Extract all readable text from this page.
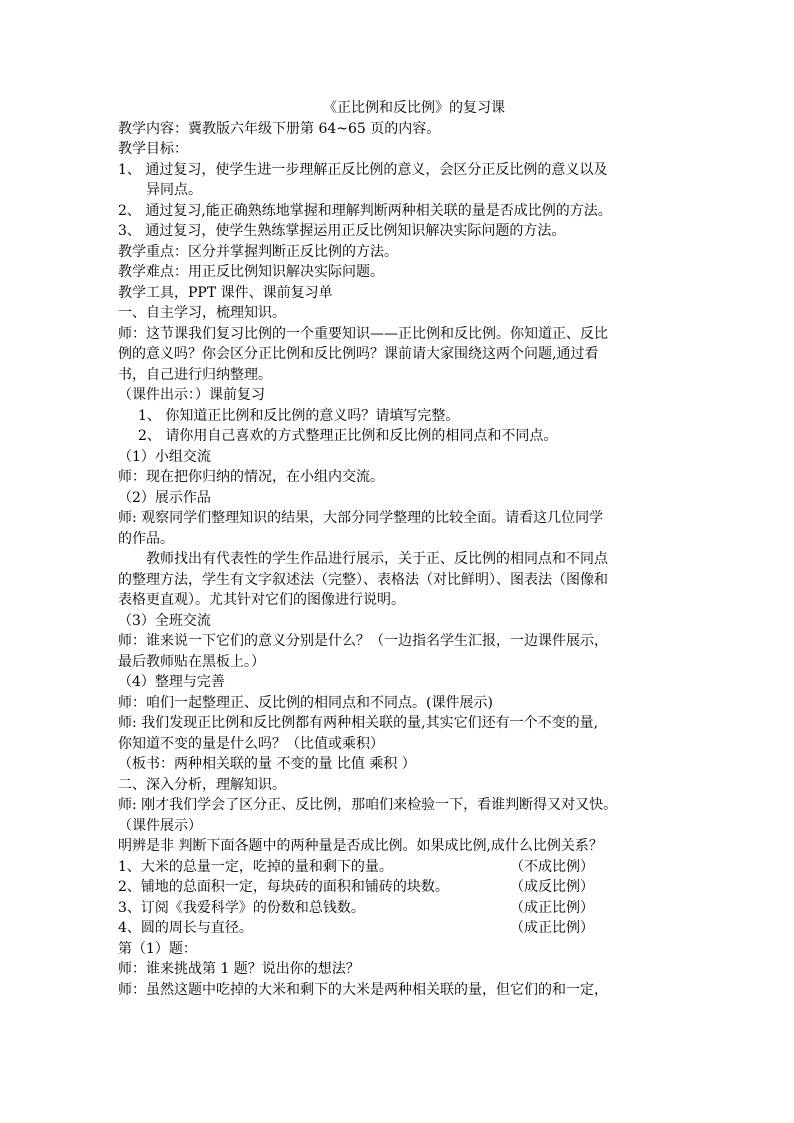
《正比例和反比例》的复习课
教学内容：冀教版六年级下册第 64~65 页的内容。
教学目标：
1、 通过复习，使学生进一步理解正反比例的意义，会区分正反比例的意义以及
异同点。
2、 通过复习,能正确熟练地掌握和理解判断两种相关联的量是否成比例的方法。
3、 通过复习，使学生熟练掌握运用正反比例知识解决实际问题的方法。
教学重点：区分并掌握判断正反比例的方法。
教学难点：用正反比例知识解决实际问题。
教学工具，PPT 课件、课前复习单
一、自主学习，梳理知识。
师：这节课我们复习比例的一个重要知识——正比例和反比例。你知道正、反比
例的意义吗？你会区分正比例和反比例吗？课前请大家围绕这两个问题,通过看
书，自己进行归纳整理。
（课件出示：）课前复习
1、 你知道正比例和反比例的意义吗？请填写完整。
2、 请你用自己喜欢的方式整理正比例和反比例的相同点和不同点。
（1）小组交流
师：现在把你归纳的情况，在小组内交流。
（2）展示作品
师: 观察同学们整理知识的结果，大部分同学整理的比较全面。请看这几位同学
的作品。
教师找出有代表性的学生作品进行展示，关于正、反比例的相同点和不同点
的整理方法，学生有文字叙述法（完整）、表格法（对比鲜明）、图表法（图像和
表格更直观）。尤其针对它们的图像进行说明。
（3）全班交流
师：谁来说一下它们的意义分别是什么？（一边指名学生汇报，一边课件展示，
最后教师贴在黑板上。）
（4）整理与完善
师：咱们一起整理正、反比例的相同点和不同点。(课件展示)
师: 我们发现正比例和反比例都有两种相关联的量,其实它们还有一个不变的量,
你知道不变的量是什么吗？（比值或乘积）
（板书：两种相关联的量 不变的量 比值 乘积 ）
二、深入分析，理解知识。
师: 刚才我们学会了区分正、反比例，那咱们来检验一下，看谁判断得又对又快。
（课件展示）
明辨是非 判断下面各题中的两种量是否成比例。如果成比例,成什么比例关系？
1、大米的总量一定，吃掉的量和剩下的量。	（不成比例）
2、铺地的总面积一定，每块砖的面积和铺砖的块数。	（成反比例）
3、订阅《我爱科学》的份数和总钱数。	（成正比例）
4、圆的周长与直径。	（成正比例）
第（1）题：
师：谁来挑战第 1 题？说出你的想法？
师：虽然这题中吃掉的大米和剩下的大米是两种相关联的量，但它们的和一定，
